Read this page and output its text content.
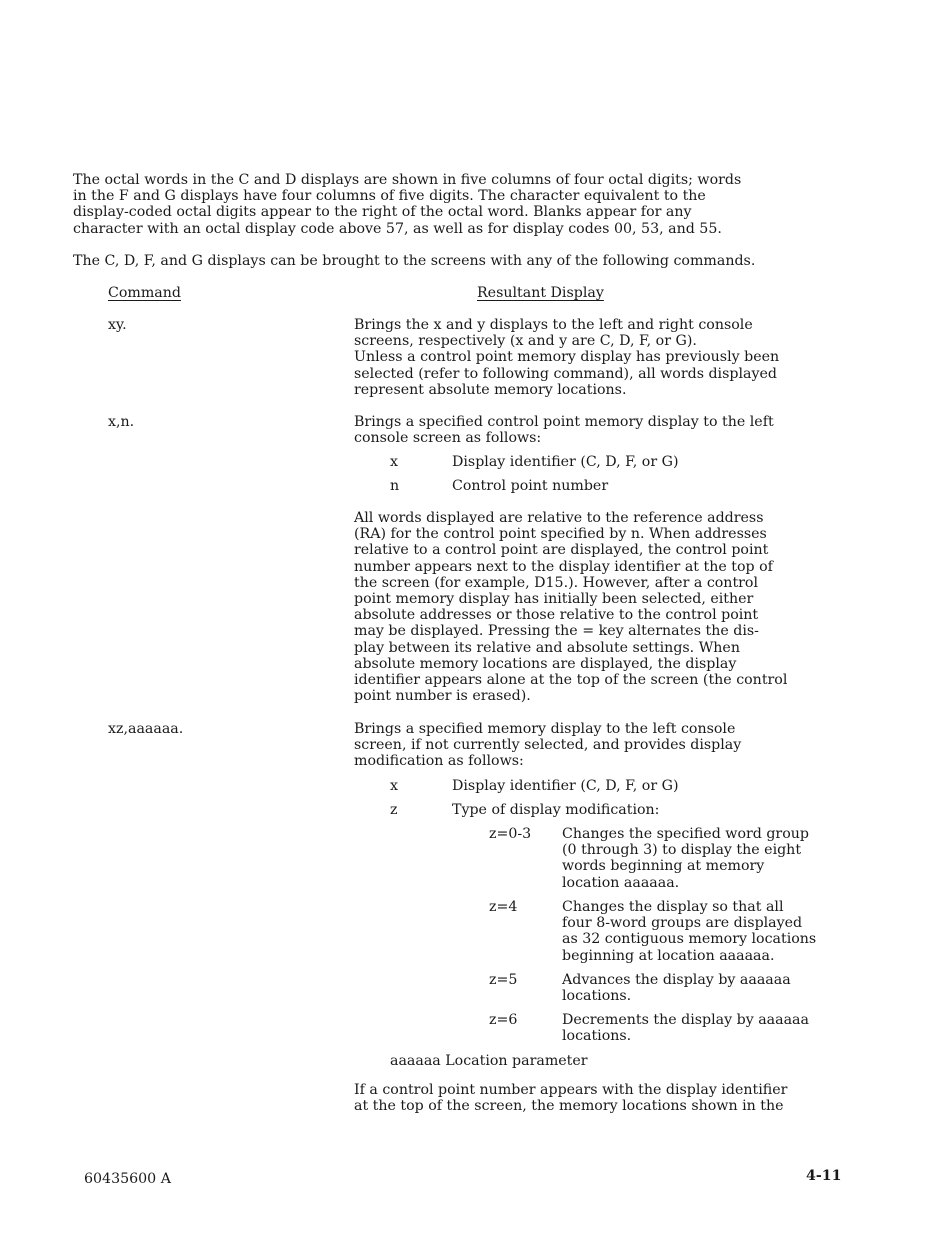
The octal words in the C and D displays are shown in five columns of four octal digits; words
in the F and G displays have four columns of five digits. The character equivalent to the
display-coded octal digits appear to the right of the octal word. Blanks appear for any
character with an octal display code above 57, as well as for display codes 00, 53, and 55.
The C, D, F, and G displays can be brought to the screens with any of the following commands.
Command	Resultant Display
xy.	Brings the x and y displays to the left and right console
screens, respectively (x and y are C, D, F, or G).
Unless a control point memory display has previously been
selected (refer to following command), all words displayed
represent absolute memory locations.
x,n.	Brings a specified control point memory display to the left
console screen as follows:
x	Display identifier (C, D, F, or G)
n	Control point number
All words displayed are relative to the reference address
(RA) for the control point specified by n. When addresses
relative to a control point are displayed, the control point
number appears next to the display identifier at the top of
the screen (for example, D15.). However, after a control
point memory display has initially been selected, either
absolute addresses or those relative to the control point
may be displayed. Pressing the = key alternates the dis-
play between its relative and absolute settings. When
absolute memory locations are displayed, the display
identifier appears alone at the top of the screen (the control
point number is erased).
xz,aaaaaa.	Brings a specified memory display to the left console
screen, if not currently selected, and provides display
modification as follows:
x	Display identifier (C, D, F, or G)
z	Type of display modification:
z=0-3 Changes the specified word group
(0 through 3) to display the eight
words beginning at memory
location aaaaaa.
z=4	Changes the display so that all
four 8-word groups are displayed
as 32 contiguous memory locations
beginning at location aaaaaa.
z=5	Advances the display by aaaaaa
locations.
z=6	Decrements the display by aaaaaa
locations.
aaaaaa Location parameter
If a control point number appears with the display identifier
at the top of the screen, the memory locations shown in the
60435600 A	4-11
